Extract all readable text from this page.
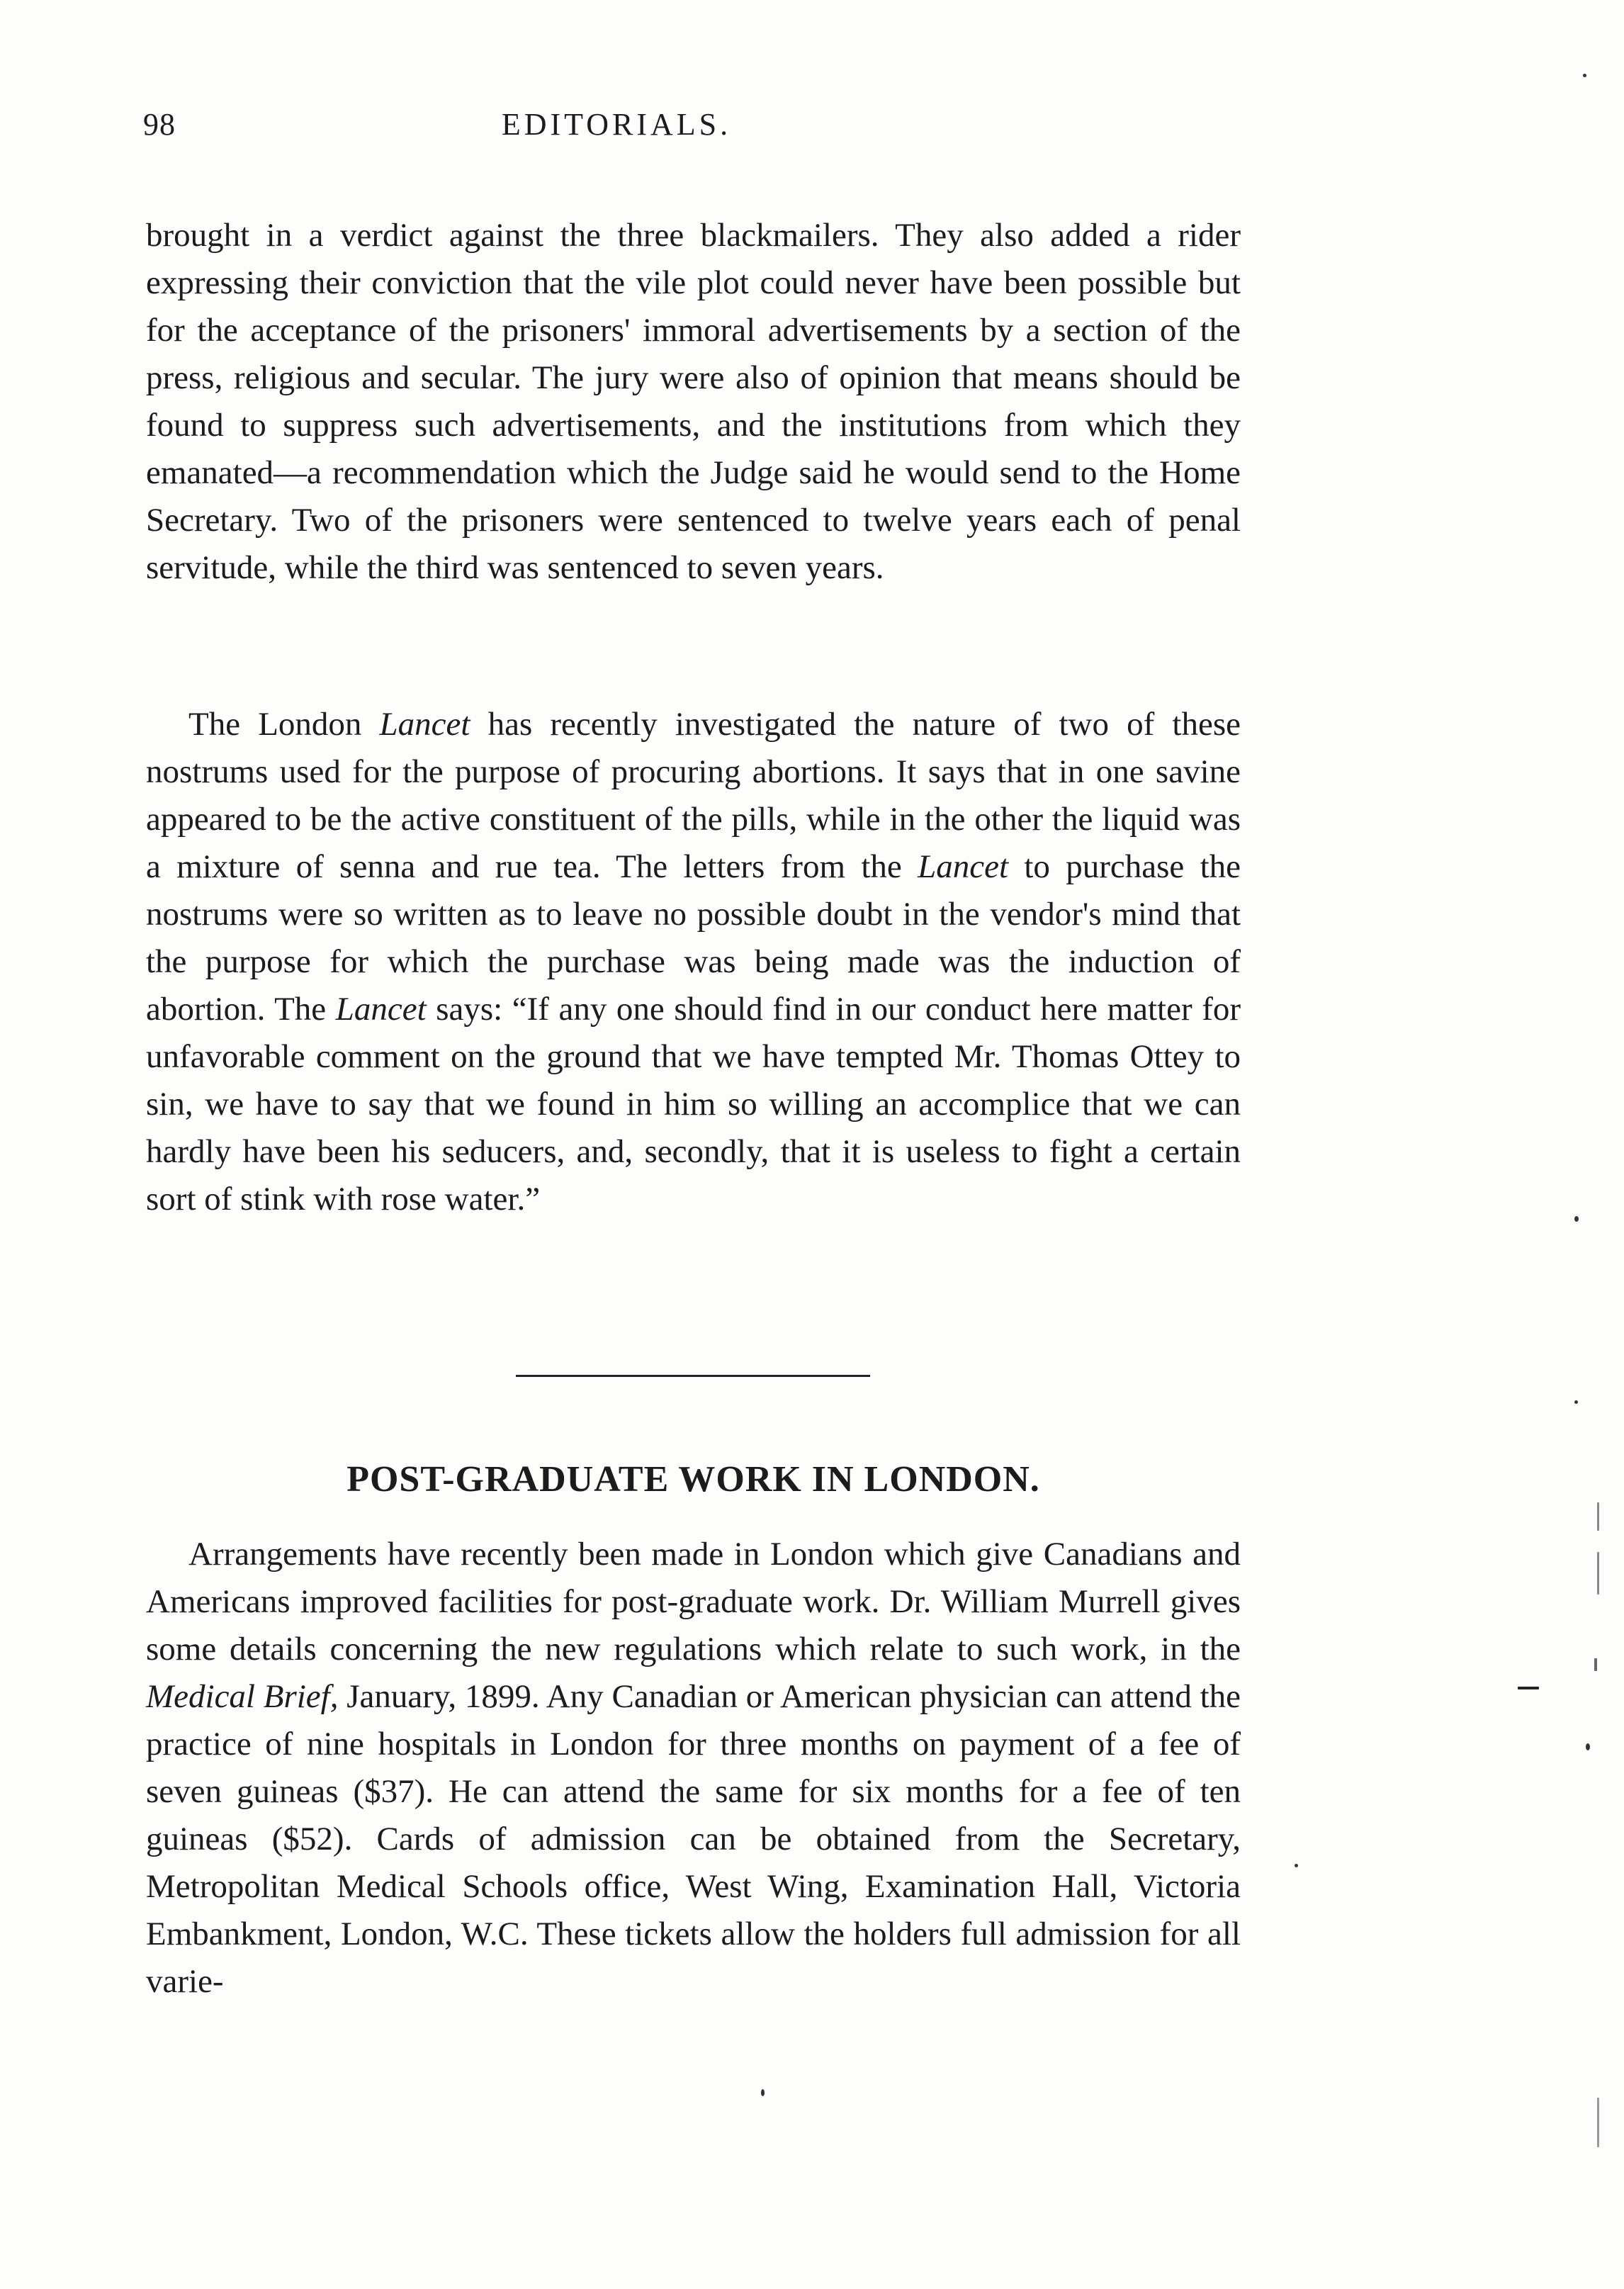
98	EDITORIALS.

brought in a verdict against the three blackmailers. They also added a rider expressing their conviction that the vile plot could never have been possible but for the acceptance of the prisoners' immoral advertisements by a section of the press, religious and secular. The jury were also of opinion that means should be found to suppress such advertisements, and the institutions from which they emanated—a recommendation which the Judge said he would send to the Home Secretary. Two of the prisoners were sentenced to twelve years each of penal servitude, while the third was sentenced to seven years.

The London Lancet has recently investigated the nature of two of these nostrums used for the purpose of procuring abortions. It says that in one savine appeared to be the active constituent of the pills, while in the other the liquid was a mixture of senna and rue tea. The letters from the Lancet to purchase the nostrums were so written as to leave no possible doubt in the vendor's mind that the purpose for which the purchase was being made was the induction of abortion. The Lancet says: “If any one should find in our conduct here matter for unfavorable comment on the ground that we have tempted Mr. Thomas Ottey to sin, we have to say that we found in him so willing an accomplice that we can hardly have been his seducers, and, secondly, that it is useless to fight a certain sort of stink with rose water.”

POST-GRADUATE WORK IN LONDON.

Arrangements have recently been made in London which give Canadians and Americans improved facilities for post-graduate work. Dr. William Murrell gives some details concerning the new regulations which relate to such work, in the Medical Brief, January, 1899. Any Canadian or American physician can attend the practice of nine hospitals in London for three months on payment of a fee of seven guineas ($37). He can attend the same for six months for a fee of ten guineas ($52). Cards of admission can be obtained from the Secretary, Metropolitan Medical Schools office, West Wing, Examination Hall, Victoria Embankment, London, W.C. These tickets allow the holders full admission for all varie-
